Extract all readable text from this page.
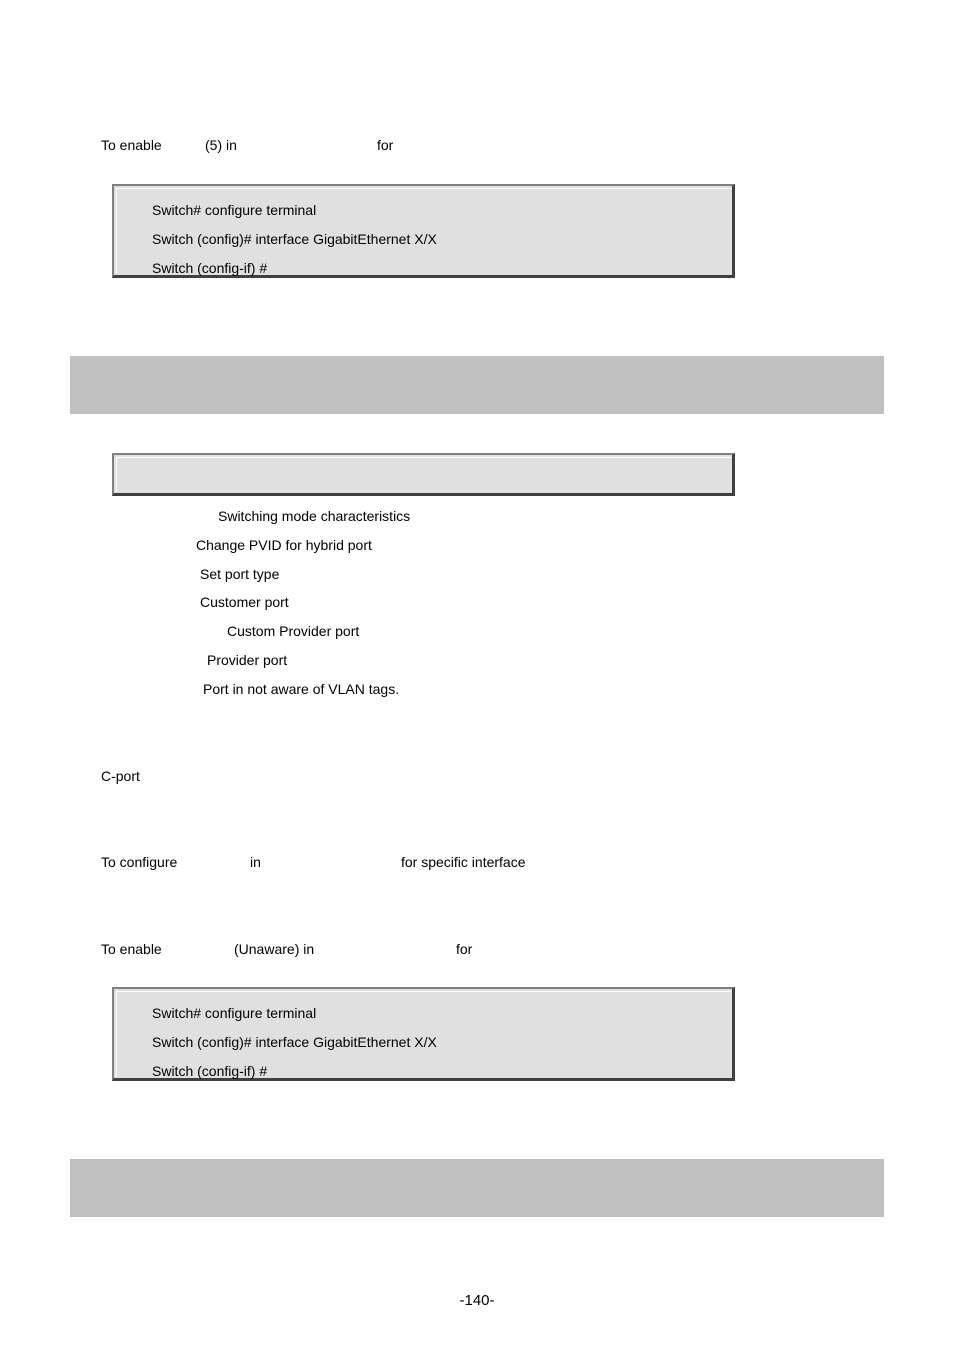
To enable	(5) in	for
Switch# configure terminal
Switch (config)# interface GigabitEthernet X/X
Switch (config-if) #
Switching mode characteristics
Change PVID for hybrid port
Set port type
Customer port
Custom Provider port
Provider port
Port in not aware of VLAN tags.
C-port
To configure	in	for specific interface
To enable	(Unaware) in	for
Switch# configure terminal
Switch (config)# interface GigabitEthernet X/X
Switch (config-if) #
-140-
